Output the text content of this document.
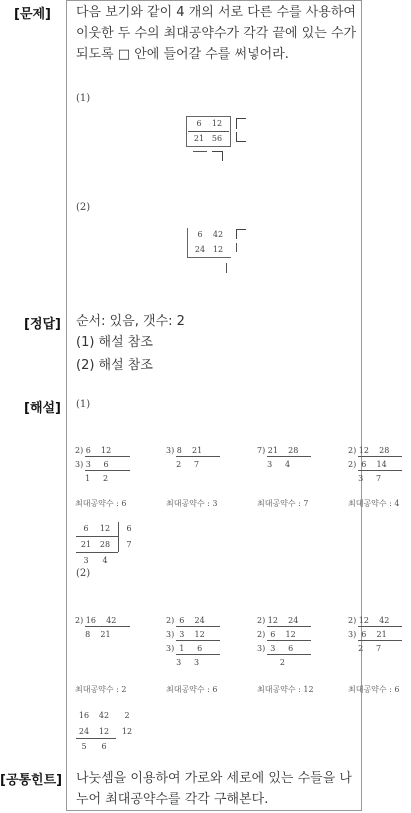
[문제]
[정답]
[해설]
[공통힌트]
다음 보기와 같이 4 개의 서로 다른 수를 사용하여 이웃한 두 수의 최대공약수가 각각 끝에 있는 수가 되도록 □ 안에 들어갈 수를 써넣어라.
(1)
6	12
21 56
(2)
6	42
24 12
순서: 있음, 갯수: 2
(1) 해설 참조
(2) 해설 참조
(1)
2) 6    12
3) 3     6
1     2
최대공약수 : 6
3) 8    21
2     7
최대공약수 : 3
7) 21    28
3     4
최대공약수 : 7
2) 12    28
2)  6    14
3     7
최대공약수 : 4
6	12	6
21	28	7
3	4
(2)
2) 16    42
8    21
최대공약수 : 2
2)  6    24
3)  3    12
3)  1     6
3     3
최대공약수 : 6
2) 12    24
2)  6    12
3)  3     6
2
최대공약수 : 12
2) 12    42
3)  6    21
2     7
최대공약수 : 6
16	42	2
24	12	12
5	6
나눗셈을 이용하여 가로와 세로에 있는 수들을 나누어 최대공약수를 각각 구해본다.
